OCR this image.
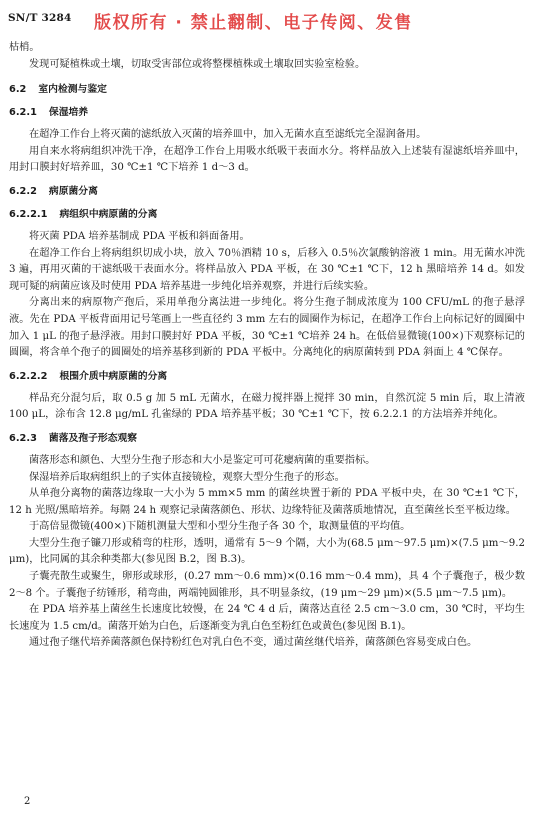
SN/T 3284 版权所有 · 禁止翻制、电子传阅、发售

枯梢。

发现可疑植株或土壤，切取受害部位或将整棵植株或土壤取回实验室检验。

6.2 室内检测与鉴定
6.2.1 保湿培养

在超净工作台上将灭菌的滤纸放入灭菌的培养皿中，加入无菌水直至滤纸完全湿润备用。

用自来水将病组织冲洗干净，在超净工作台上用吸水纸吸干表面水分。将样品放入上述装有湿滤纸培养皿中，用封口膜封好培养皿，30 ℃±1 ℃下培养 1 d～3 d。

6.2.2 病原菌分离
6.2.2.1 病组织中病原菌的分离

将灭菌 PDA 培养基制成 PDA 平板和斜面备用。

在超净工作台上将病组织切成小块，放入 70％酒精 10 s，后移入 0.5％次氯酸钠溶液 1 min。用无菌水冲洗 3 遍，再用灭菌的干滤纸吸干表面水分。将样品放入 PDA 平板，在 30 ℃±1 ℃下，12 h 黑暗培养 14 d。如发现可疑的病菌应该及时使用 PDA 培养基进一步纯化培养观察，并进行后续实验。

分离出来的病原物产孢后，采用单孢分离法进一步纯化。将分生孢子制成浓度为 100 CFU/mL 的孢子悬浮液。先在 PDA 平板背面用记号笔画上一些直径约 3 mm 左右的圆圈作为标记，在超净工作台上向标记好的圆圈中加入 1 μL 的孢子悬浮液。用封口膜封好 PDA 平板，30 ℃±1 ℃培养 24 h。在低倍显微镜(100×)下观察标记的圆圈，将含单个孢子的圆圈处的培养基移到新的 PDA 平板中。分离纯化的病原菌转到 PDA 斜面上 4 ℃保存。

6.2.2.2 根围介质中病原菌的分离

样品充分混匀后，取 0.5 g 加 5 mL 无菌水，在磁力搅拌器上搅拌 30 min，自然沉淀 5 min 后，取上清液 100 μL，涂布含 12.8 μg/mL 孔雀绿的 PDA 培养基平板；30 ℃±1 ℃下，按 6.2.2.1 的方法培养并纯化。

6.2.3 菌落及孢子形态观察

菌落形态和颜色、大型分生孢子形态和大小是鉴定可可花瘿病菌的重要指标。

保湿培养后取病组织上的子实体直接镜检，观察大型分生孢子的形态。

从单孢分离物的菌落边缘取一大小为 5 mm×5 mm 的菌丝块置于新的 PDA 平板中央，在 30 ℃±1 ℃下，12 h 光照/黑暗培养。每隔 24 h 观察记录菌落颜色、形状、边缘特征及菌落质地情况，直至菌丝长至平板边缘。

于高倍显微镜(400×)下随机测量大型和小型分生孢子各 30 个，取测量值的平均值。

大型分生孢子镰刀形或稍弯的柱形，透明，通常有 5～9 个隔，大小为(68.5 μm～97.5 μm)×(7.5 μm～9.2 μm)，比同属的其余种类都大(参见图 B.2，图 B.3)。

子囊壳散生或聚生，卵形或球形，(0.27 mm～0.6 mm)×(0.16 mm～0.4 mm)，具 4 个子囊孢子，极少数 2～8 个。子囊孢子纺锤形，稍弯曲，两端钝圆锥形，具不明显条纹，(19 μm～29 μm)×(5.5 μm～7.5 μm)。

在 PDA 培养基上菌丝生长速度比较慢，在 24 ℃ 4 d 后，菌落达直径 2.5 cm～3.0 cm，30 ℃时，平均生长速度为 1.5 cm/d。菌落开始为白色，后逐渐变为乳白色至粉红色或黄色(参见图 B.1)。

通过孢子继代培养菌落颜色保持粉红色对乳白色不变，通过菌丝继代培养，菌落颜色容易变成白色。

2
